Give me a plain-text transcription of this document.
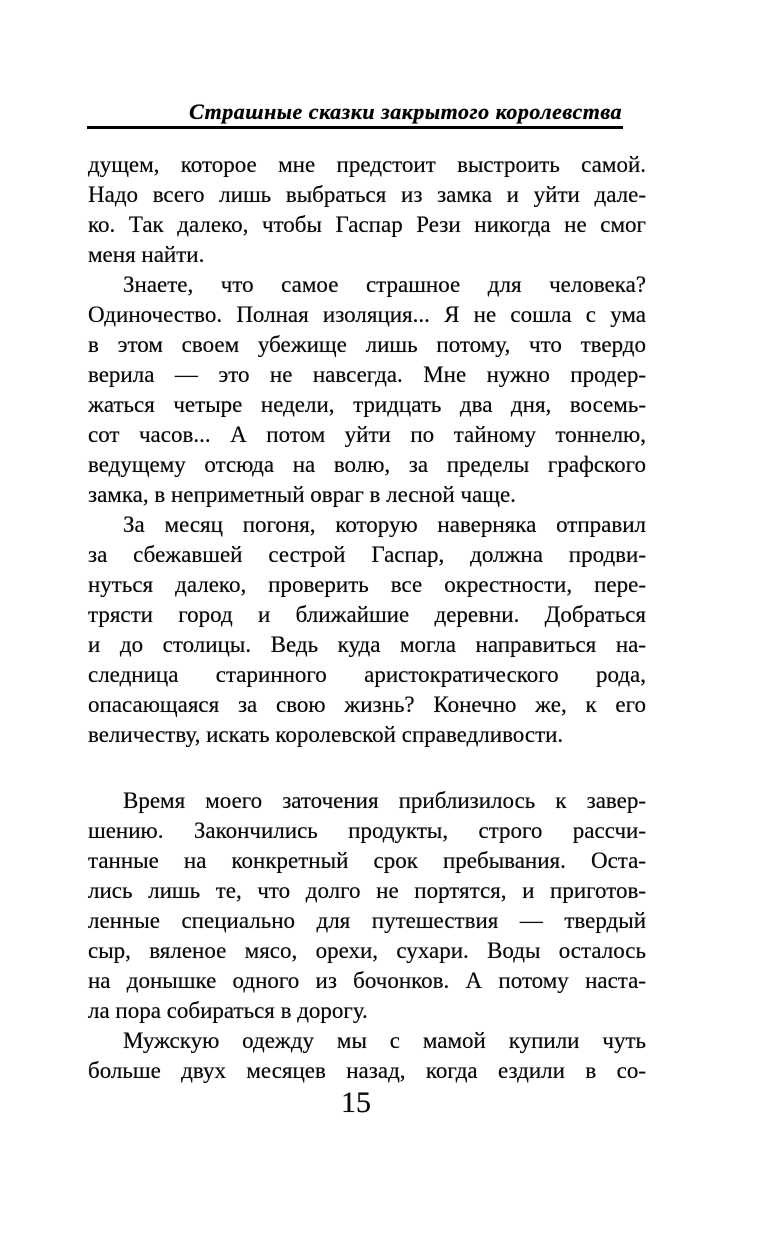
Страшные сказки закрытого королевства
дущем, которое мне предстоит выстроить самой.
Надо всего лишь выбраться из замка и уйти дале-
ко. Так далеко, чтобы Гаспар Рези никогда не смог
меня найти.
Знаете, что самое страшное для человека?
Одиночество. Полная изоляция... Я не сошла с ума
в этом своем убежище лишь потому, что твердо
верила — это не навсегда. Мне нужно продер-
жаться четыре недели, тридцать два дня, восемь-
сот часов... А потом уйти по тайному тоннелю,
ведущему отсюда на волю, за пределы графского
замка, в неприметный овраг в лесной чаще.
За месяц погоня, которую наверняка отправил
за сбежавшей сестрой Гаспар, должна продви-
нуться далеко, проверить все окрестности, пере-
трясти город и ближайшие деревни. Добраться
и до столицы. Ведь куда могла направиться на-
следница старинного аристократического рода,
опасающаяся за свою жизнь? Конечно же, к его
величеству, искать королевской справедливости.
Время моего заточения приблизилось к завер-
шению. Закончились продукты, строго рассчи-
танные на конкретный срок пребывания. Оста-
лись лишь те, что долго не портятся, и приготов-
ленные специально для путешествия — твердый
сыр, вяленое мясо, орехи, сухари. Воды осталось
на донышке одного из бочонков. А потому наста-
ла пора собираться в дорогу.
Мужскую одежду мы с мамой купили чуть
больше двух месяцев назад, когда ездили в со-
15
